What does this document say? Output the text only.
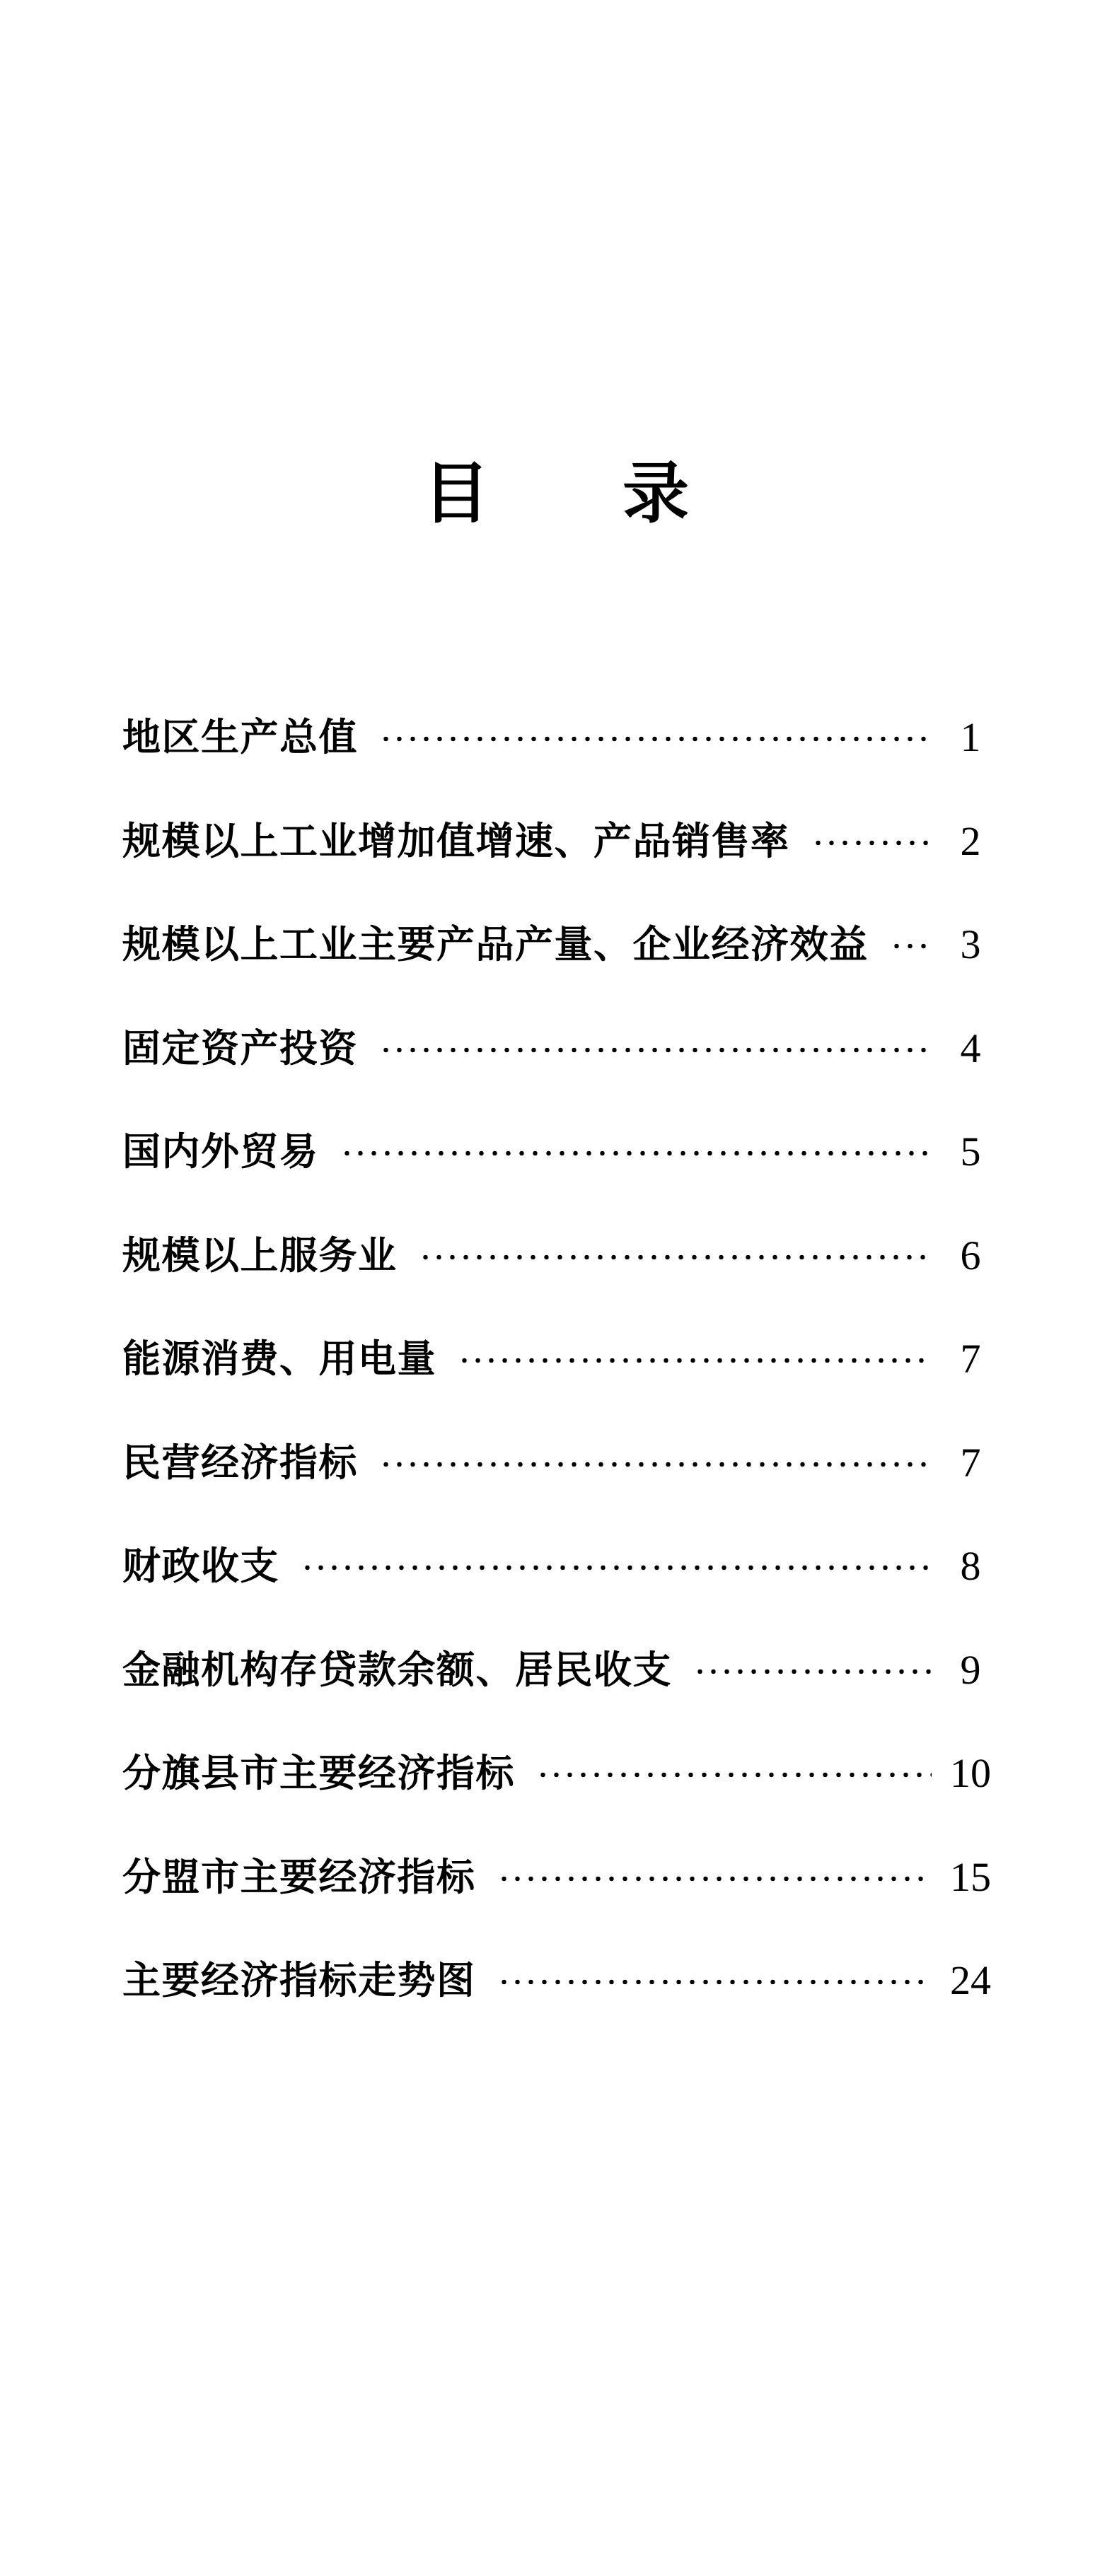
目　　录
地区生产总值	1
规模以上工业增加值增速、产品销售率	2
规模以上工业主要产品产量、企业经济效益	3
固定资产投资	4
国内外贸易	5
规模以上服务业	6
能源消费、用电量	7
民营经济指标	7
财政收支	8
金融机构存贷款余额、居民收支	9
分旗县市主要经济指标	10
分盟市主要经济指标	15
主要经济指标走势图	24
